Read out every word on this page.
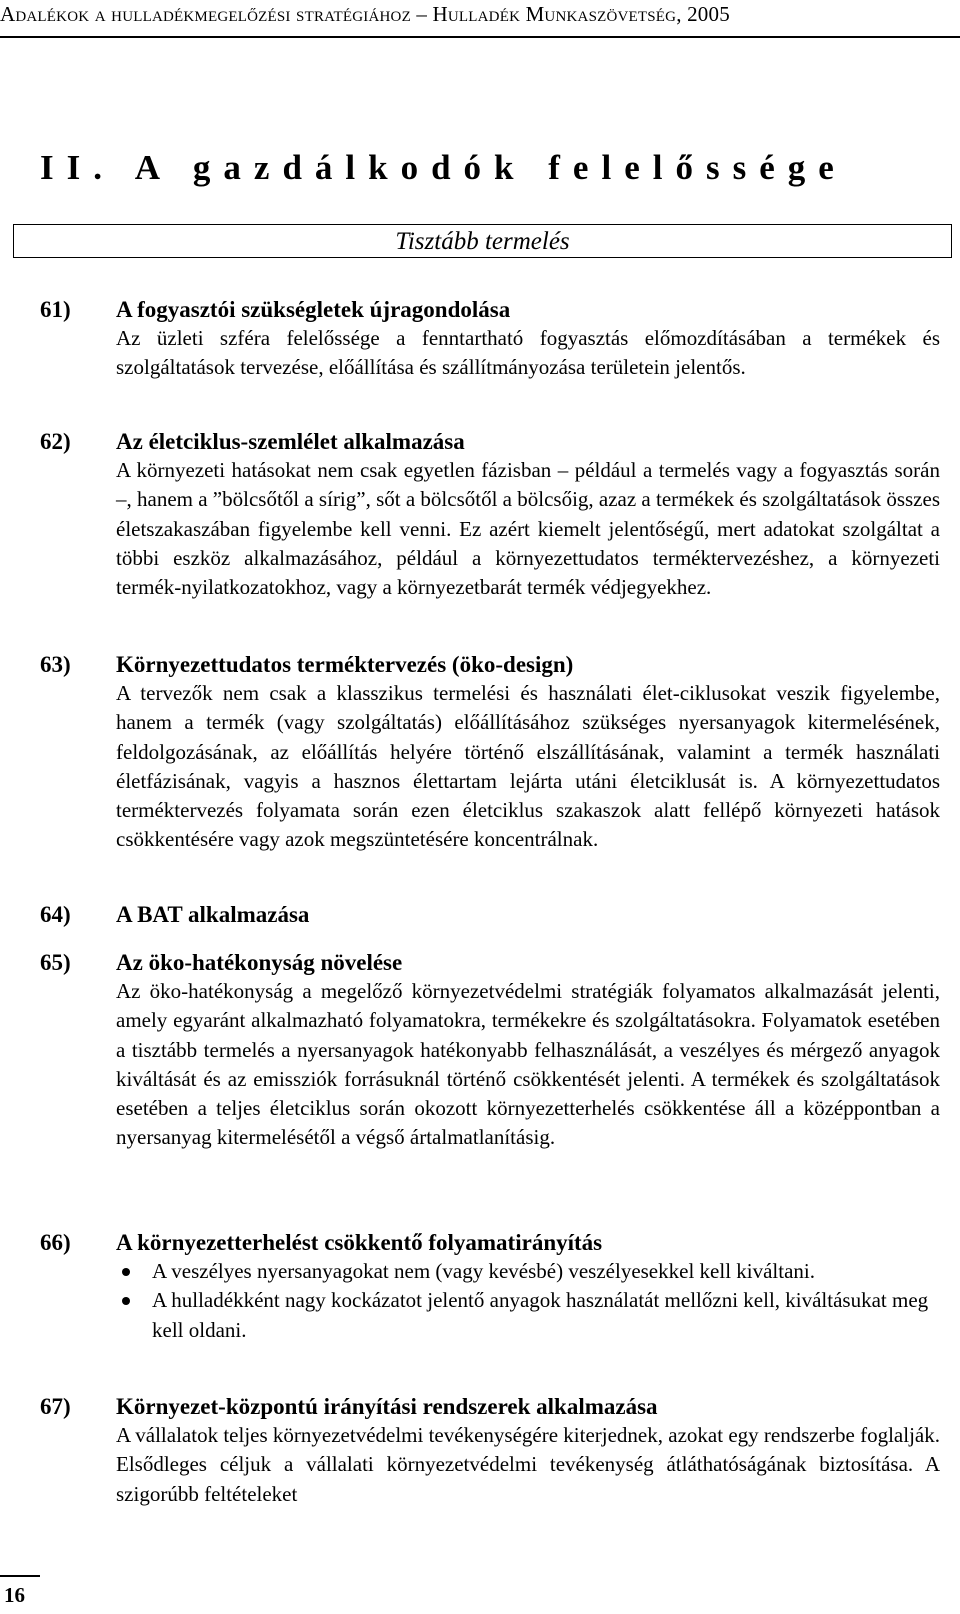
Adalékok a hulladékmegelőzési stratégiához – Hulladék Munkaszövetség, 2005
II. A gazdálkodók felelőssége
Tisztább termelés
61) A fogyasztói szükségletek újragondolása
Az üzleti szféra felelőssége a fenntartható fogyasztás előmozdításában a termékek és szolgáltatások tervezése, előállítása és szállítmányozása területein jelentős.
62) Az életciklus-szemlélet alkalmazása
A környezeti hatásokat nem csak egyetlen fázisban – például a termelés vagy a fogyasztás során –, hanem a ”bölcsőtől a sírig”, sőt a bölcsőtől a bölcsőig, azaz a termékek és szolgáltatások összes életszakaszában figyelembe kell venni. Ez azért kiemelt jelentőségű, mert adatokat szolgáltat a többi eszköz alkalmazásához, például a környezettudatos terméktervezéshez, a környezeti termék-nyilatkozatokhoz, vagy a környezetbarát termék védjegyekhez.
63) Környezettudatos terméktervezés (öko-design)
A tervezők nem csak a klasszikus termelési és használati élet-ciklusokat veszik figyelembe, hanem a termék (vagy szolgáltatás) előállításához szükséges nyersanyagok kitermelésének, feldolgozásának, az előállítás helyére történő elszállításának, valamint a termék használati életfázisának, vagyis a hasznos élettartam lejárta utáni életciklusát is. A környezettudatos terméktervezés folyamata során ezen életciklus szakaszok alatt fellépő környezeti hatások csökkentésére vagy azok megszüntetésére koncentrálnak.
64) A BAT alkalmazása
65) Az öko-hatékonyság növelése
Az öko-hatékonyság a megelőző környezetvédelmi stratégiák folyamatos alkalmazását jelenti, amely egyaránt alkalmazható folyamatokra, termékekre és szolgáltatásokra. Folyamatok esetében a tisztább termelés a nyersanyagok hatékonyabb felhasználását, a veszélyes és mérgező anyagok kiváltását és az emissziók forrásuknál történő csökkentését jelenti. A termékek és szolgáltatások esetében a teljes életciklus során okozott környezetterhelés csökkentése áll a középpontban a nyersanyag kitermelésétől a végső ártalmatlanításig.
66) A környezetterhelést csökkentő folyamatirányítás
A veszélyes nyersanyagokat nem (vagy kevésbé) veszélyesekkel kell kiváltani.
A hulladékként nagy kockázatot jelentő anyagok használatát mellőzni kell, kiváltásukat meg kell oldani.
67) Környezet-központú irányítási rendszerek alkalmazása
A vállalatok teljes környezetvédelmi tevékenységére kiterjednek, azokat egy rendszerbe foglalják. Elsődleges céljuk a vállalati környezetvédelmi tevékenység átláthatóságának biztosítása. A szigorúbb feltételeket
16
